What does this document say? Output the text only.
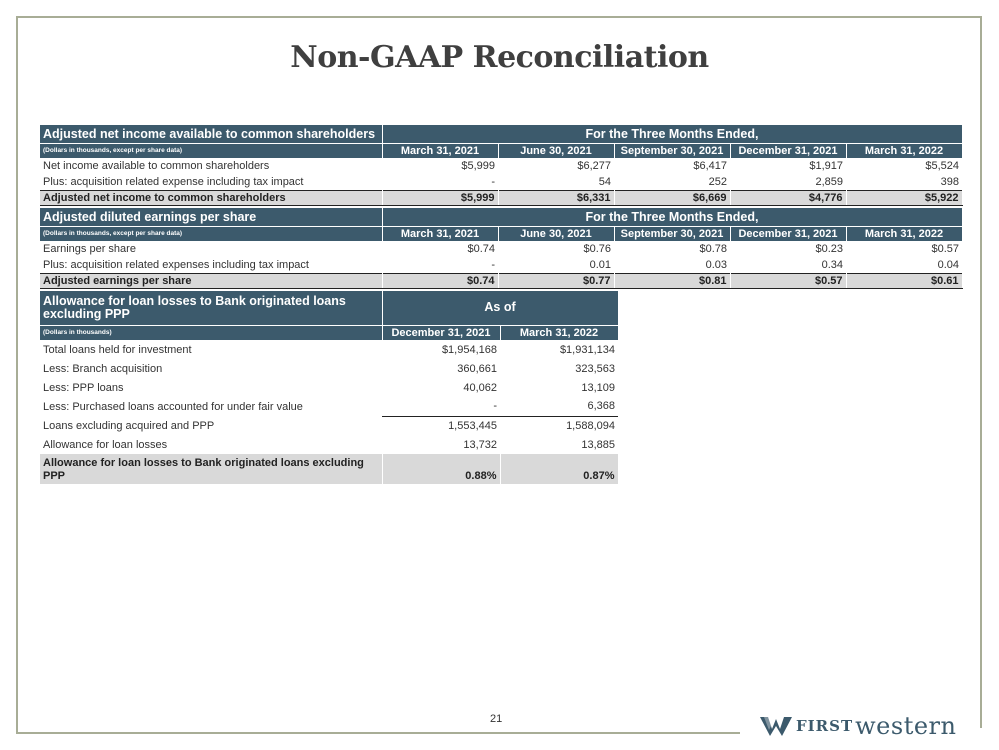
Non-GAAP Reconciliation
Adjusted net income available to common shareholders	For the Three Months Ended,				
(Dollars in thousands, except per share data)	March 31, 2021	June 30, 2021	September 30, 2021	December 31, 2021	March 31, 2022
Net income available to common shareholders	$5,999	$6,277	$6,417	$1,917	$5,524
Plus: acquisition related expense including tax impact	-	54	252	2,859	398
Adjusted net income to common shareholders	$5,999	$6,331	$6,669	$4,776	$5,922
Adjusted diluted earnings per share	For the Three Months Ended,				
(Dollars in thousands, except per share data)	March 31, 2021	June 30, 2021	September 30, 2021	December 31, 2021	March 31, 2022
Earnings per share	$0.74	$0.76	$0.78	$0.23	$0.57
Plus: acquisition related expenses including tax impact	-	0.01	0.03	0.34	0.04
Adjusted earnings per share	$0.74	$0.77	$0.81	$0.57	$0.61
Allowance for loan losses to Bank originated loans excluding PPP	As of	
(Dollars in thousands)	December 31, 2021	March 31, 2022
Total loans held for investment	$1,954,168	$1,931,134
Less: Branch acquisition	360,661	323,563
Less: PPP loans	40,062	13,109
Less: Purchased loans accounted for under fair value	-	6,368
Loans excluding acquired and PPP	1,553,445	1,588,094
Allowance for loan losses	13,732	13,885
Allowance for loan losses to Bank originated loans excluding PPP	0.88%	0.87%
21	FIRST western
